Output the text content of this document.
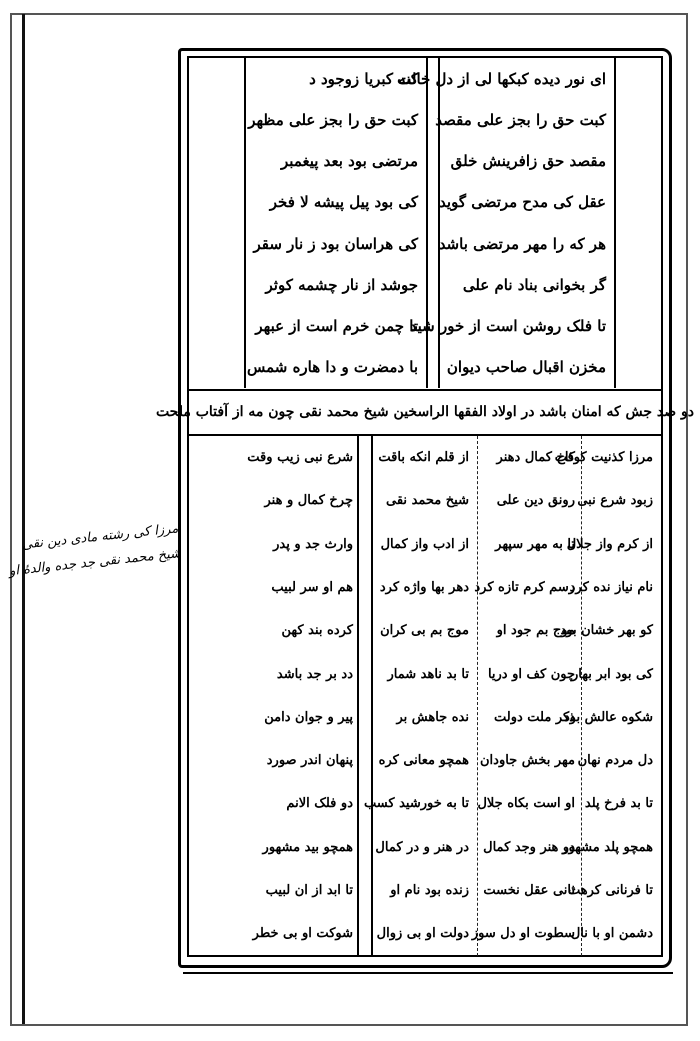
مرزا کی رشته مادی دین نقی
شیخ محمد نقی جد جده والدهٔ او
کنه کبریا زوجود د
کبت حق را بجز علی مظهر
مرتضی بود بعد پیغمبر
کی بود پیل پیشه لا فخر
کی هراسان بود ز نار سقر
جوشد از نار چشمه کوثر
تا چمن خرم است از عبهر
با دمضرت و دا هاره شمس
ای نور دیده کبکها لی از دل خالت
کبت حق را بجز علی مقصد
مقصد حق زافرینش خلق
عقل کی مدح مرتضی گوید
هر که را مهر مرتضی باشد
گر بخوانی بناد نام علی
تا فلک روشن است از خور شید
مخزن اقبال صاحب دیوان
دو صد جش که امنان باشد در اولاد الفقها الراسخین شیخ محمد نقی چون مه از آفتاب ملحت
شرع نبی زیب وقت
چرخ کمال و هنر
وارث جد و پدر
هم او سر لبیب
کرده بند کهن
دد بر جد باشد
پیر و جوان دامن
پنهان اندر صورد
دو فلک الانم
همچو بید مشهور
تا ابد از ان لبیب
شوکت او بی خطر
از قلم انکه باقت
شیخ محمد نقی
از ادب واز کمال
دهر بها واژه کرد
موج بم بی کران
تا بد ناهد شمار
نده جاهش بر
همچو معانی کره
تا به خورشید کسب
در هنر و در کمال
زنده بود نام او
دولت او بی زوال
کاخ کمال دهنر
رونق دین علی
تا به مهر سپهر
رسم کرم تازه کرد
موج بم جود او
چون کف او دریا
ذکر ملت دولت
مهر بخش جاودان
او است بکاه جلال
دو هنر وجد کمال
ثانی عقل نخست
سطوت او دل سوز
مرزا کذنیت کوفت
زبود شرع نبی
از کرم واز جلال
نام نیاز نده کرد
کو بهر خشان بود
کی بود ابر بهار
شکوه عالش بود
دل مردم نهان
تا بد فرخ پلد
همچو پلد مشهور
تا فرنانی کرهت
دشمن او با نال
